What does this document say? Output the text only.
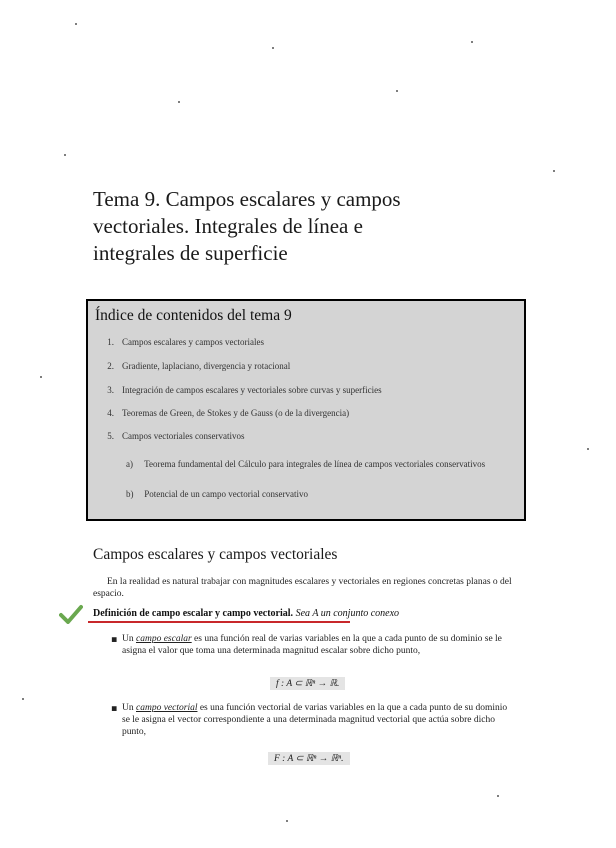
Tema 9. Campos escalares y campos
vectoriales. Integrales de línea e
integrales de superficie
Índice de contenidos del tema 9
1. Campos escalares y campos vectoriales
2. Gradiente, laplaciano, divergencia y rotacional
3. Integración de campos escalares y vectoriales sobre curvas y superficies
4. Teoremas de Green, de Stokes y de Gauss (o de la divergencia)
5. Campos vectoriales conservativos
a) Teorema fundamental del Cálculo para integrales de línea de campos vectoriales conservativos
b) Potencial de un campo vectorial conservativo
Campos escalares y campos vectoriales
En la realidad es natural trabajar con magnitudes escalares y vectoriales en regiones concretas planas o del espacio.
Definición de campo escalar y campo vectorial. Sea A un conjunto conexo
▪ Un campo escalar es una función real de varias variables en la que a cada punto de su dominio se le asigna el valor que toma una determinada magnitud escalar sobre dicho punto,
f : A ⊂ ℝⁿ → ℝ.
▪ Un campo vectorial es una función vectorial de varias variables en la que a cada punto de su dominio se le asigna el vector correspondiente a una determinada magnitud vectorial que actúa sobre dicho punto,
F : A ⊂ ℝⁿ → ℝⁿ.
